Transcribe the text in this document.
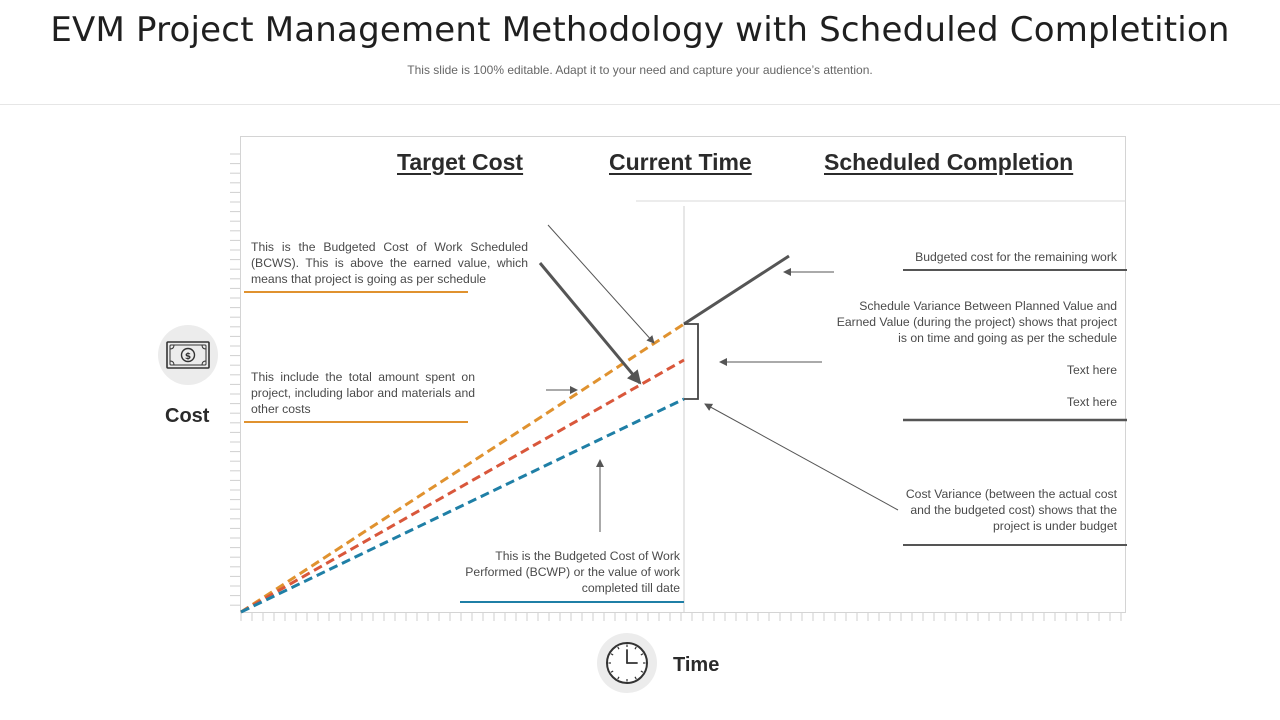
EVM Project Management Methodology with Scheduled Completition
This slide is 100% editable. Adapt it to your need and capture your audience’s attention.
Target Cost	Current Time	Scheduled Completion
This is the Budgeted Cost of Work Scheduled (BCWS). This is above the earned value, which means that project is going as per schedule
This include the total amount spent on project, including labor and materials and other costs
This is the Budgeted Cost of Work Performed (BCWP) or the value of work completed till date
Budgeted cost for the remaining work
Schedule Variance Between Planned Value and Earned Value (during the project) shows that project is on time and going as per the schedule
Text here
Text here
Cost Variance (between the actual cost and the budgeted cost) shows that the project is under budget
$
Cost
Time
